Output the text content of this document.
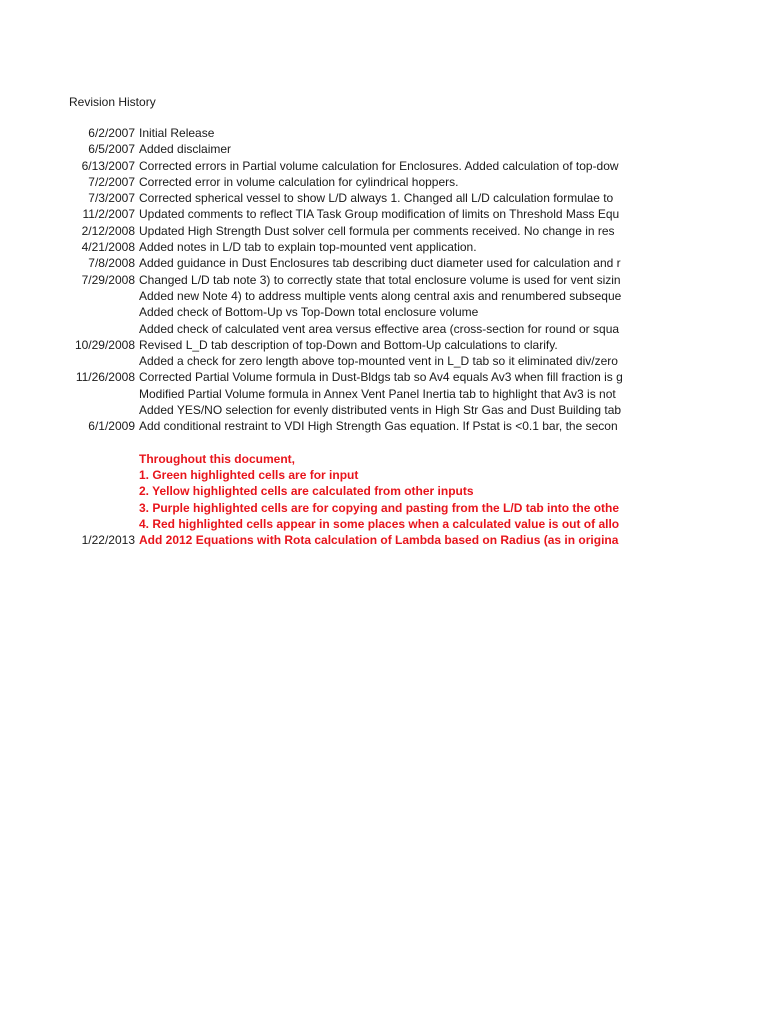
Revision History
6/2/2007 Initial Release
6/5/2007 Added disclaimer
6/13/2007 Corrected errors in Partial volume calculation for Enclosures. Added calculation of top-dow
7/2/2007 Corrected error in volume calculation for cylindrical hoppers.
7/3/2007 Corrected spherical vessel to show L/D always 1. Changed all L/D calculation formulae to
11/2/2007 Updated comments to reflect TIA Task Group modification of limits on Threshold Mass Equ
2/12/2008 Updated High Strength Dust solver cell formula per comments received. No change in res
4/21/2008 Added notes in L/D tab to explain top-mounted vent application.
7/8/2008 Added guidance in Dust Enclosures tab describing duct diameter used for calculation and r
7/29/2008 Changed L/D tab note 3) to correctly state that total enclosure volume is used for vent sizin
Added new Note 4) to address multiple vents along central axis and renumbered subseque
Added check of Bottom-Up vs Top-Down total enclosure volume
Added check of calculated vent area versus effective area (cross-section for round or squa
10/29/2008 Revised L_D tab description of top-Down and Bottom-Up calculations to clarify.
Added a check for zero length above top-mounted vent in L_D tab so it eliminated div/zero
11/26/2008 Corrected Partial Volume formula in Dust-Bldgs tab so Av4 equals Av3 when fill fraction is g
Modified Partial Volume formula in Annex Vent Panel Inertia tab to highlight that Av3 is not
Added YES/NO selection for evenly distributed vents in High Str Gas and Dust Building tab
6/1/2009 Add conditional restraint to VDI High Strength Gas equation. If Pstat is <0.1 bar, the secon
Throughout this document,
1. Green highlighted cells are for input
2. Yellow highlighted cells are calculated from other inputs
3. Purple highlighted cells are for copying and pasting from the L/D tab into the othe
4. Red highlighted cells appear in some places when a calculated value is out of allo
1/22/2013 Add 2012 Equations with Rota calculation of Lambda based on Radius (as in origina
